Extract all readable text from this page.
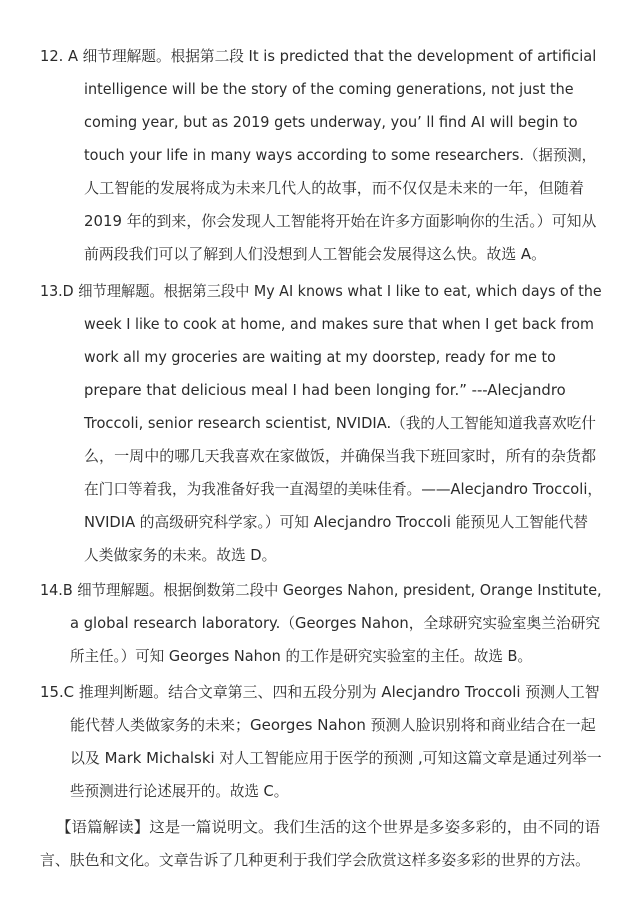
12. A 细节理解题。根据第二段 It is predicted that the development of artificial
intelligence will be the story of the coming generations, not just the
coming year, but as 2019 gets underway, you’ ll find AI will begin to
touch your life in many ways according to some researchers.（据预测，
人工智能的发展将成为未来几代人的故事，而不仅仅是未来的一年，但随着
2019 年的到来，你会发现人工智能将开始在许多方面影响你的生活。）可知从
前两段我们可以了解到人们没想到人工智能会发展得这么快。故选 A。
13.D 细节理解题。根据第三段中 My AI knows what I like to eat, which days of the
week I like to cook at home, and makes sure that when I get back from
work all my groceries are waiting at my doorstep, ready for me to
prepare that delicious meal I had been longing for.” ---Alecjandro
Troccoli, senior research scientist, NVIDIA.（我的人工智能知道我喜欢吃什
么，一周中的哪几天我喜欢在家做饭，并确保当我下班回家时，所有的杂货都
在门口等着我，为我准备好我一直渴望的美味佳肴。——Alecjandro Troccoli，
NVIDIA 的高级研究科学家。）可知 Alecjandro Troccoli 能预见人工智能代替
人类做家务的未来。故选 D。
14.B 细节理解题。根据倒数第二段中 Georges Nahon, president, Orange Institute,
a global research laboratory.（Georges Nahon，全球研究实验室奥兰治研究
所主任。）可知 Georges Nahon 的工作是研究实验室的主任。故选 B。
15.C 推理判断题。结合文章第三、四和五段分别为 Alecjandro Troccoli 预测人工智
能代替人类做家务的未来；Georges Nahon 预测人脸识别将和商业结合在一起
以及 Mark Michalski 对人工智能应用于医学的预测 ,可知这篇文章是通过列举一
些预测进行论述展开的。故选 C。
【语篇解读】这是一篇说明文。我们生活的这个世界是多姿多彩的，由不同的语
言、肤色和文化。文章告诉了几种更利于我们学会欣赏这样多姿多彩的世界的方法。
